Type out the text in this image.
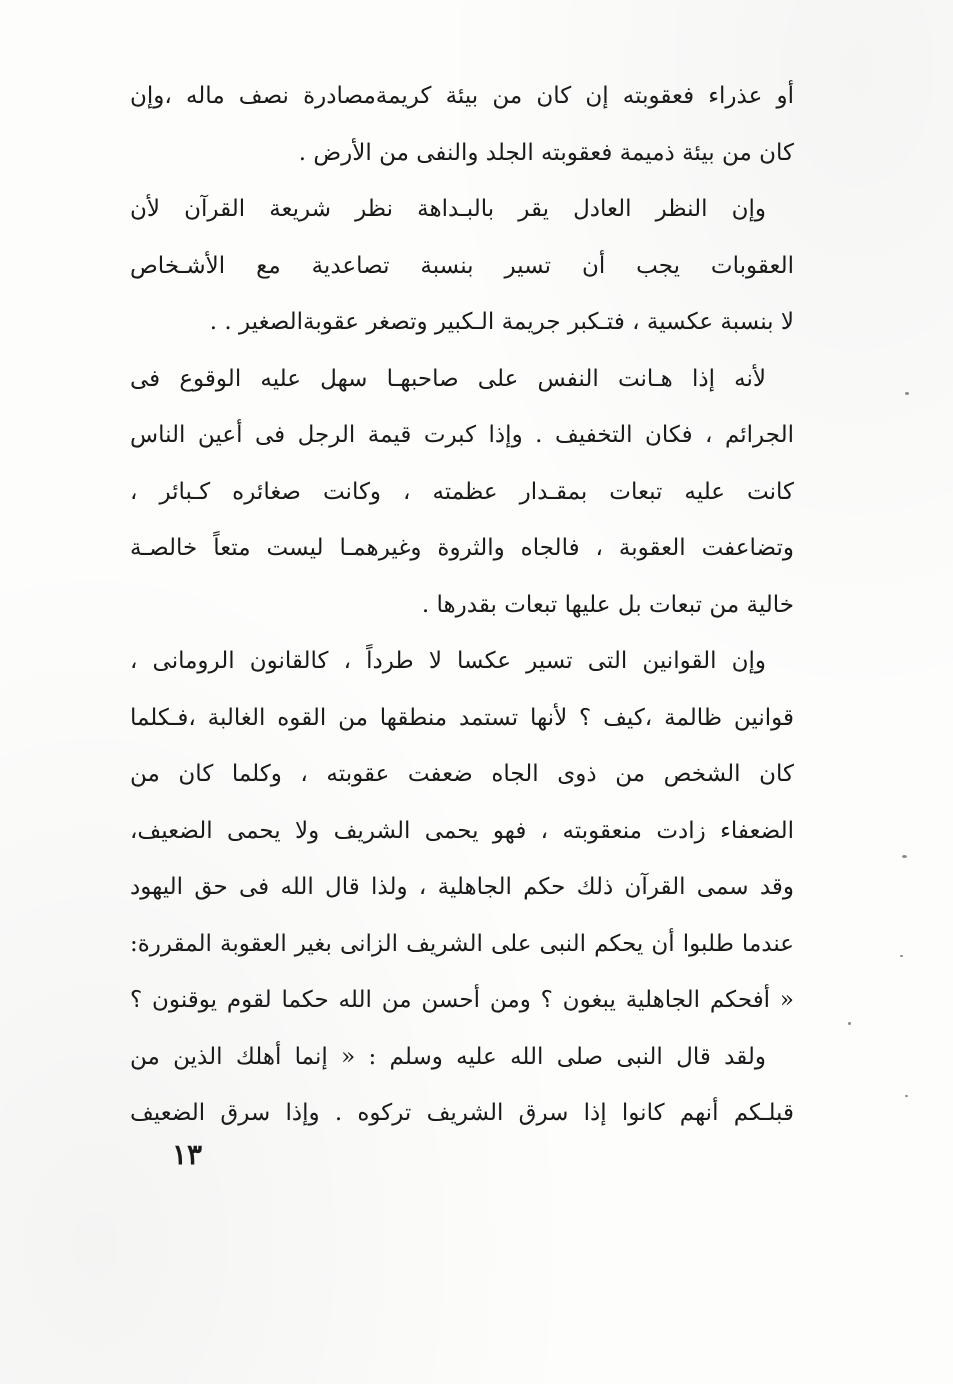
أو عذراء فعقوبته إن كان من بيئة كريمةمصادرة نصف ماله ،وإن
كان من بيئة ذميمة فعقوبته الجلد والنفى من الأرض .
وإن النظر العادل يقر بالبـداهة نظر شريعة القرآن لأن
العقوبات يجب أن تسير بنسبة تصاعدية مع الأشـخاص
لا بنسبة عكسية ، فتـكبر جريمة الـكبير وتصغر عقوبةالصغير . .
لأنه إذا هـانت النفس على صاحبهـا سهل عليه الوقوع فى
الجرائم ، فكان التخفيف . وإذا كبرت قيمة الرجل فى أعين الناس
كانت عليه تبعات بمقـدار عظمته ، وكانت صغائره كـبائر ،
وتضاعفت العقوبة ، فالجاه والثروة وغيرهمـا ليست متعاً خالصـة
خالية من تبعات بل عليها تبعات بقدرها .
وإن القوانين التى تسير عكسا لا طرداً ، كالقانون الرومانى ،
قوانين ظالمة ،كيف ؟ لأنها تستمد منطقها من القوه الغالبة ،فـكلما
كان الشخص من ذوى الجاه ضعفت عقوبته ، وكلما كان من
الضعفاء زادت منعقوبته ، فهو يحمى الشريف ولا يحمى الضعيف،
وقد سمى القرآن ذلك حكم الجاهلية ، ولذا قال الله فى حق اليهود
عندما طلبوا أن يحكم النبى على الشريف الزانى بغير العقوبة المقررة:
« أفحكم الجاهلية يبغون ؟ ومن أحسن من الله حكما لقوم يوقنون ؟
ولقد قال النبى صلى الله عليه وسلم : « إنما أهلك الذين من
قبلـكم أنهم كانوا إذا سرق الشريف تركوه . وإذا سرق الضعيف
١٣
